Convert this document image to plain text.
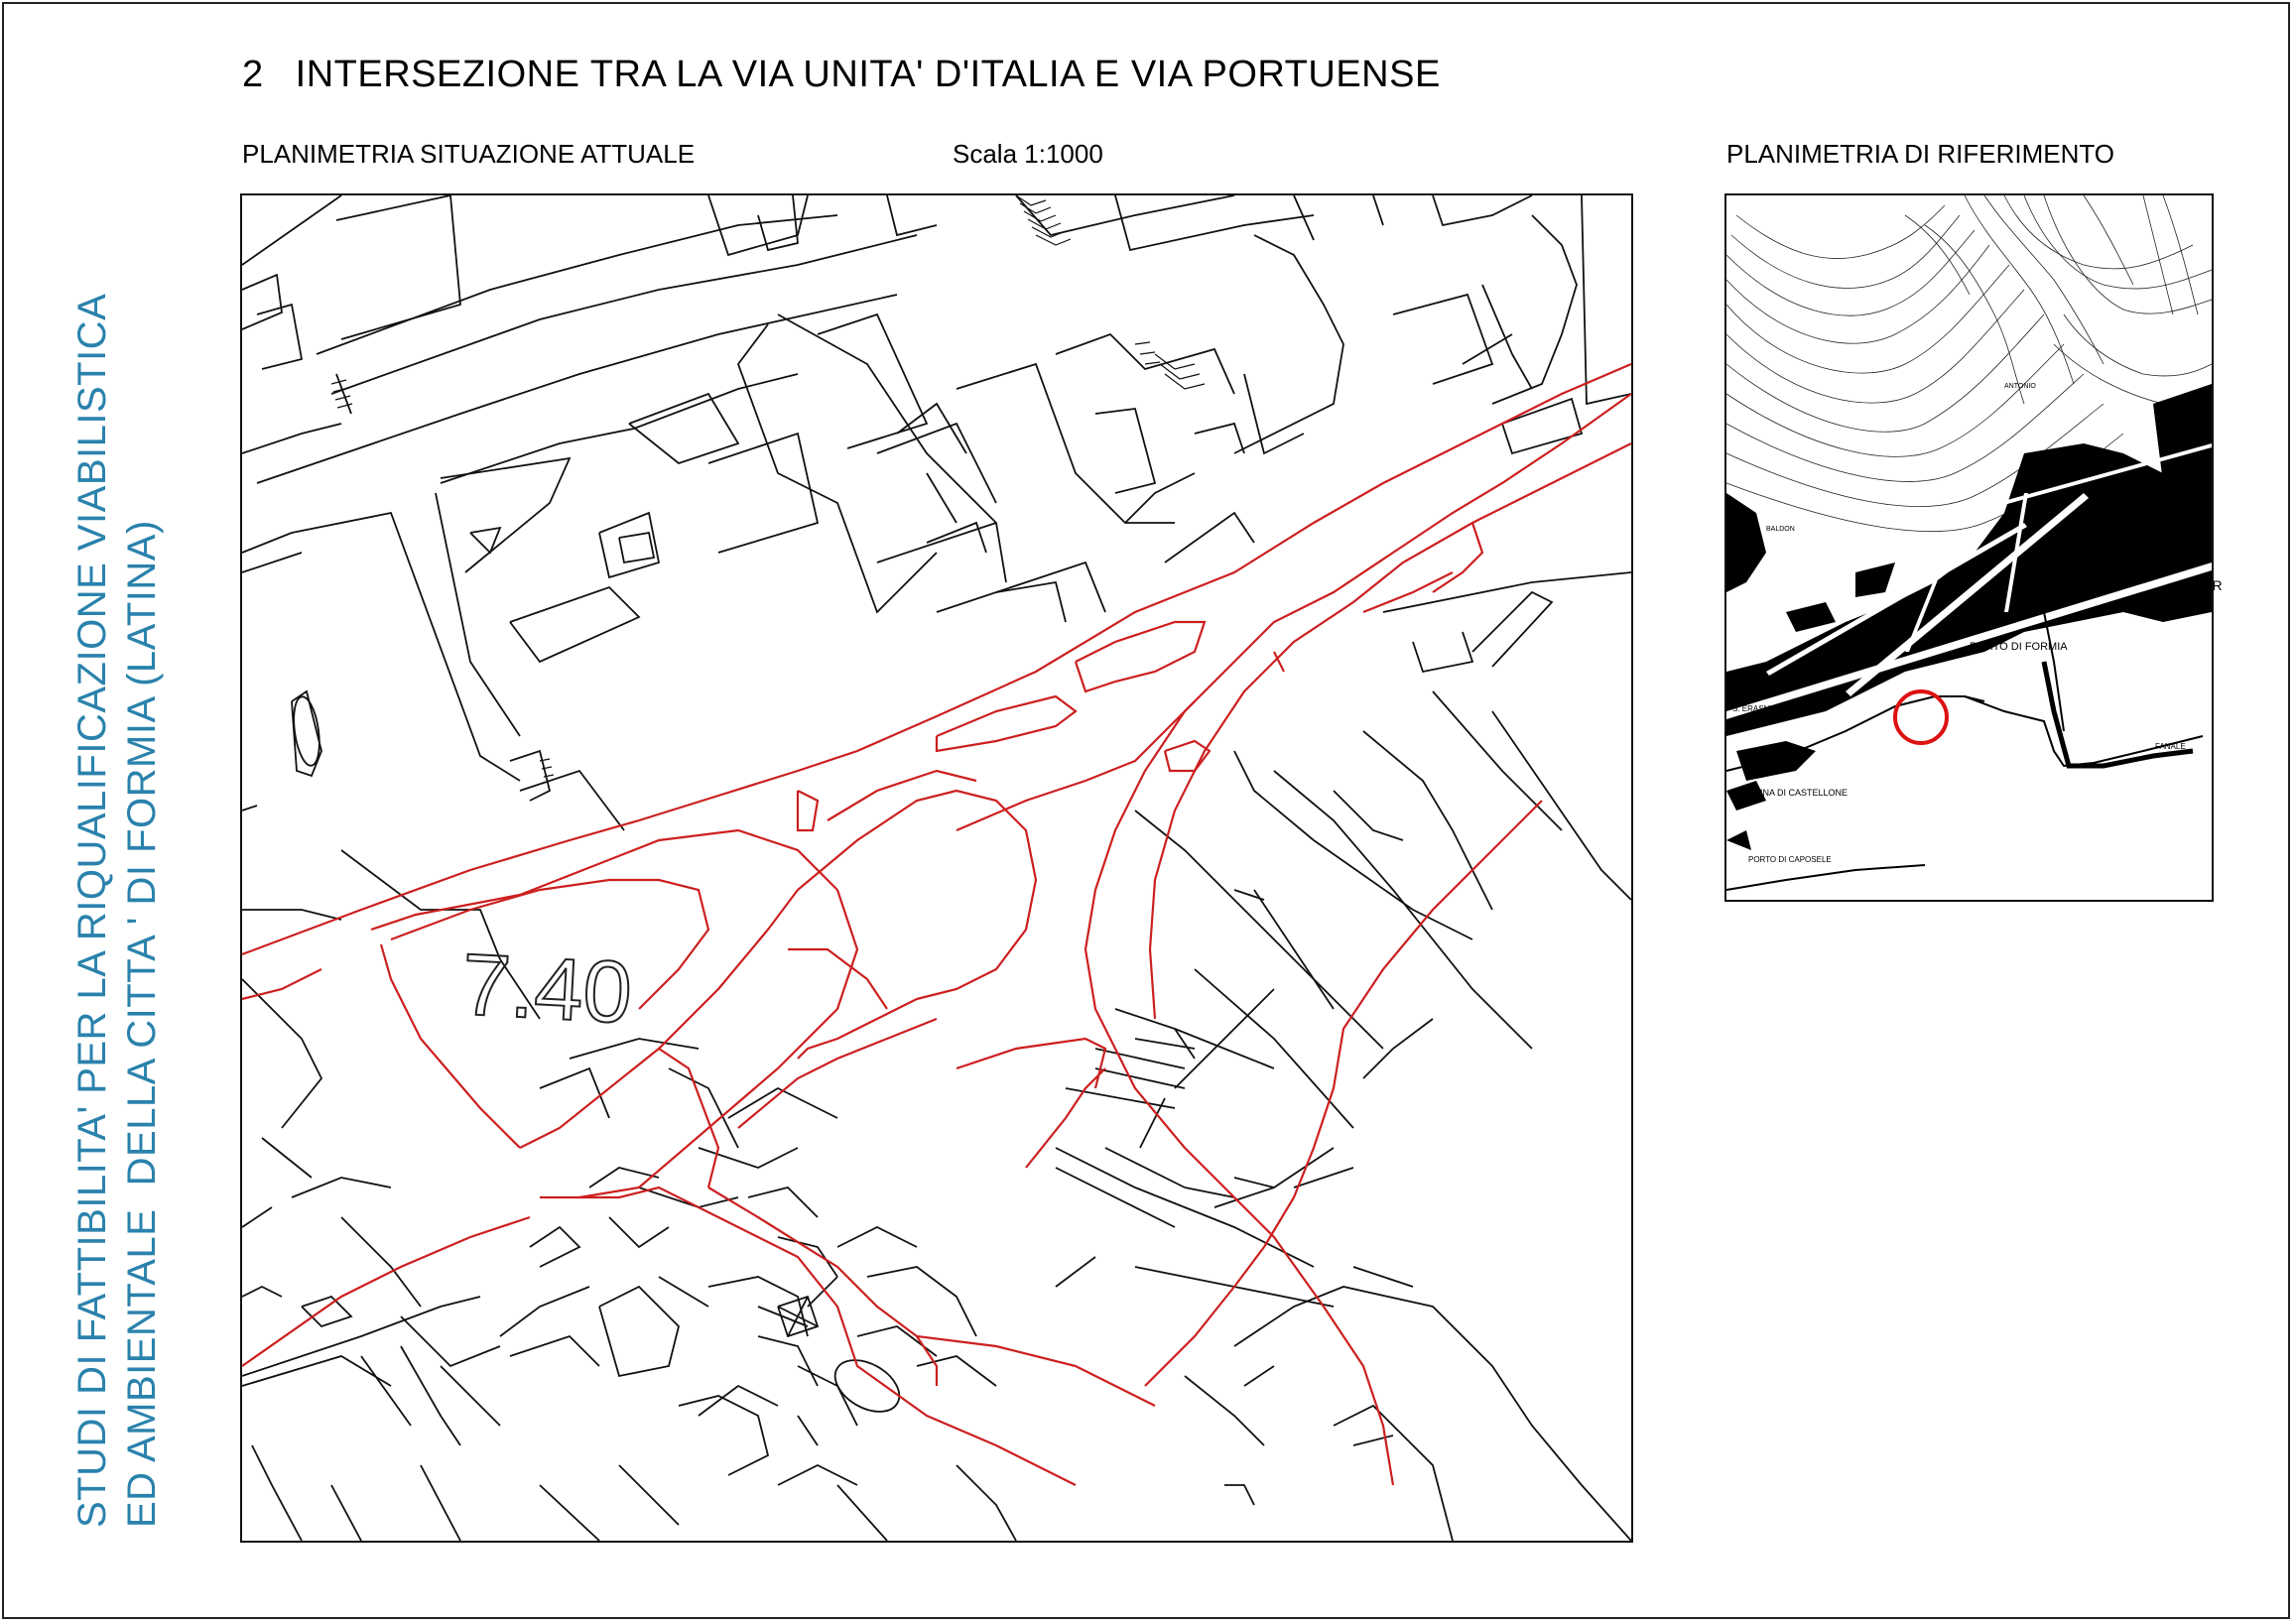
STUDI DI FATTIBILITA' PER LA RIQUALIFICAZIONE VIABILISTICA ED AMBIENTALE  DELLA CITTA ' DI FORMIA (LATINA)
2 INTERSEZIONE TRA LA VIA UNITA' D'ITALIA E VIA PORTUENSE
PLANIMETRIA SITUAZIONE ATTUALE	Scala 1:1000	PLANIMETRIA DI RIFERIMENTO
7.40
PORTO DI FORMIA
MARINA DI CASTELLONE
PORTO DI CAPOSELE
FANALE
S. ERASMO
FOR
ANTONIO
BALDON
